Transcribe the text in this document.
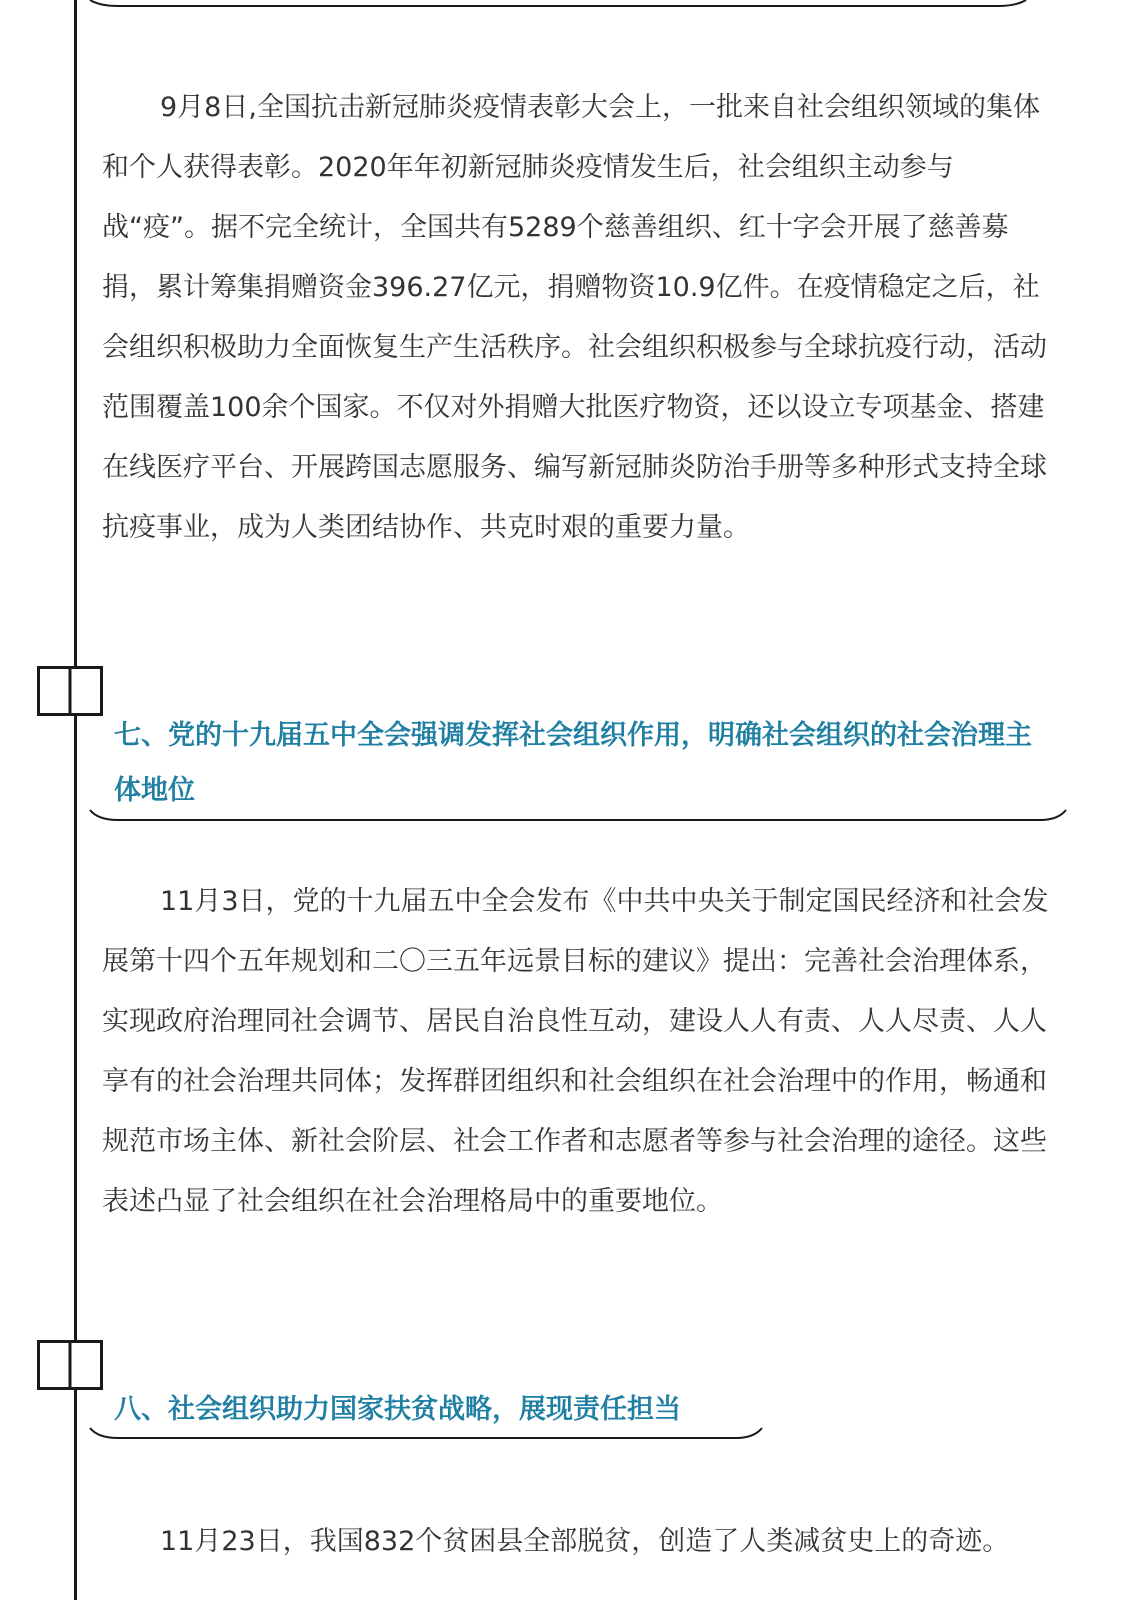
9月8日,全国抗击新冠肺炎疫情表彰大会上，一批来自社会组织领域的集体和个人获得表彰。2020年年初新冠肺炎疫情发生后，社会组织主动参与战“疫”。据不完全统计，全国共有5289个慈善组织、红十字会开展了慈善募捐，累计筹集捐赠资金396.27亿元，捐赠物资10.9亿件。在疫情稳定之后，社会组织积极助力全面恢复生产生活秩序。社会组织积极参与全球抗疫行动，活动范围覆盖100余个国家。不仅对外捐赠大批医疗物资，还以设立专项基金、搭建在线医疗平台、开展跨国志愿服务、编写新冠肺炎防治手册等多种形式支持全球抗疫事业，成为人类团结协作、共克时艰的重要力量。

七、党的十九届五中全会强调发挥社会组织作用，明确社会组织的社会治理主体地位

11月3日，党的十九届五中全会发布《中共中央关于制定国民经济和社会发展第十四个五年规划和二〇三五年远景目标的建议》提出：完善社会治理体系，实现政府治理同社会调节、居民自治良性互动，建设人人有责、人人尽责、人人享有的社会治理共同体；发挥群团组织和社会组织在社会治理中的作用，畅通和规范市场主体、新社会阶层、社会工作者和志愿者等参与社会治理的途径。这些表述凸显了社会组织在社会治理格局中的重要地位。

八、社会组织助力国家扶贫战略，展现责任担当

11月23日，我国832个贫困县全部脱贫，创造了人类减贫史上的奇迹。
